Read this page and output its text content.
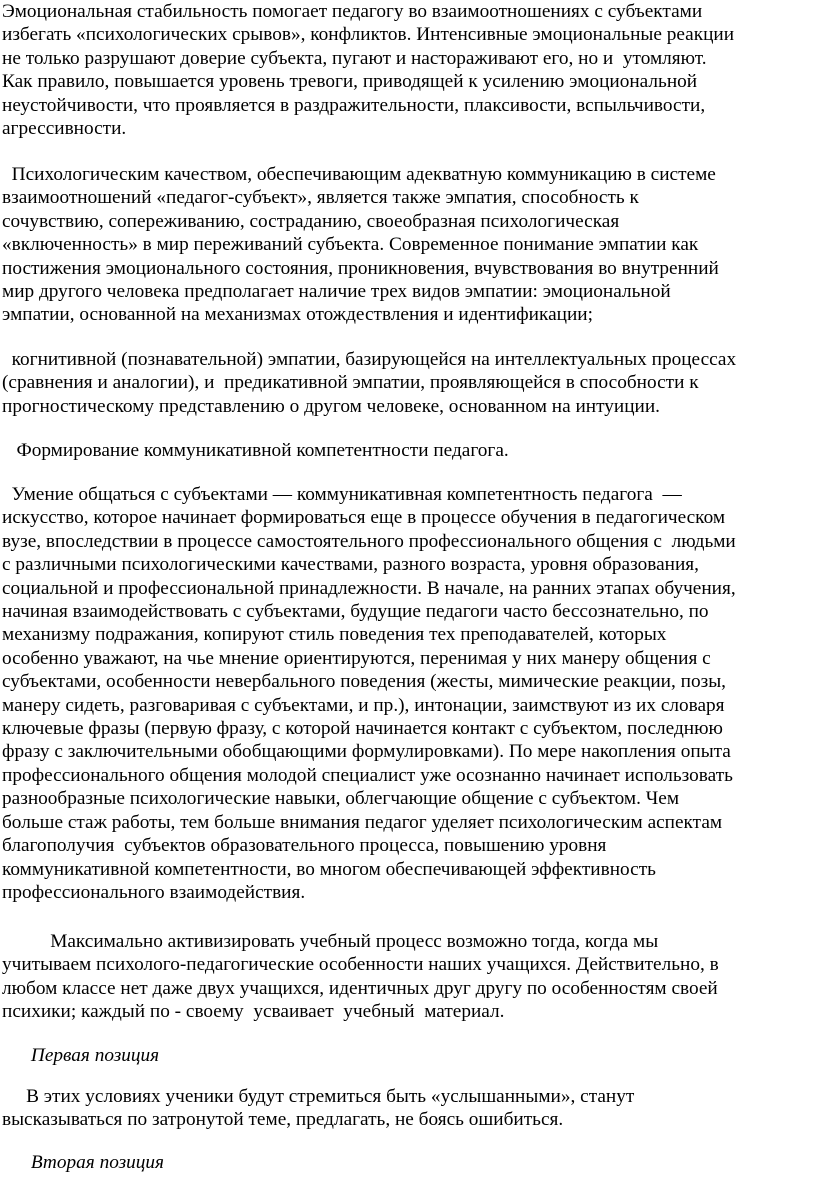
Эмоциональная стабильность помогает педагогу во взаимоотношениях с субъектами
избегать «психологических срывов», конфликтов. Интенсивные эмоциональные реакции
не только разрушают доверие субъекта, пугают и настораживают его, но и  утомляют.
Как правило, повышается уровень тревоги, приводящей к усилению эмоциональной
неустойчивости, что проявляется в раздражительности, плаксивости, вспыльчивости,
агрессивности.

Психологическим качеством, обеспечивающим адекватную коммуникацию в системе
взаимоотношений «педагог-субъект», является также эмпатия, способность к
сочувствию, сопереживанию, состраданию, своеобразная психологическая
«включенность» в мир переживаний субъекта. Современное понимание эмпатии как
постижения эмоционального состояния, проникновения, вчувствования во внутренний
мир другого человека предполагает наличие трех видов эмпатии: эмоциональной
эмпатии, основанной на механизмах отождествления и идентификации;

когнитивной (познавательной) эмпатии, базирующейся на интеллектуальных процессах
(сравнения и аналогии), и  предикативной эмпатии, проявляющейся в способности к
прогностическому представлению о другом человеке, основанном на интуиции.

Формирование коммуникативной компетентности педагога.

Умение общаться с субъектами — коммуникативная компетентность педагога  —
искусство, которое начинает формироваться еще в процессе обучения в педагогическом
вузе, впоследствии в процессе самостоятельного профессионального общения с  людьми
с различными психологическими качествами, разного возраста, уровня образования,
социальной и профессиональной принадлежности. В начале, на ранних этапах обучения,
начиная взаимодействовать с субъектами, будущие педагоги часто бессознательно, по
механизму подражания, копируют стиль поведения тех преподавателей, которых
особенно уважают, на чье мнение ориентируются, перенимая у них манеру общения с
субъектами, особенности невербального поведения (жесты, мимические реакции, позы,
манеру сидеть, разговаривая с субъектами, и пр.), интонации, заимствуют из их словаря
ключевые фразы (первую фразу, с которой начинается контакт с субъектом, последнюю
фразу с заключительными обобщающими формулировками). По мере накопления опыта
профессионального общения молодой специалист уже осознанно начинает использовать
разнообразные психологические навыки, облегчающие общение с субъектом. Чем
больше стаж работы, тем больше внимания педагог уделяет психологическим аспектам
благополучия  субъектов образовательного процесса, повышению уровня
коммуникативной компетентности, во многом обеспечивающей эффективность
профессионального взаимодействия.

Максимально активизировать учебный процесс возможно тогда, когда мы
учитываем психолого-педагогические особенности наших учащихся. Действительно, в
любом классе нет даже двух учащихся, идентичных друг другу по особенностям своей
психики; каждый по - своему  усваивает  учебный  материал.

Первая позиция

В этих условиях ученики будут стремиться быть «услышанными», станут
высказываться по затронутой теме, предлагать, не боясь ошибиться.

Вторая позиция
